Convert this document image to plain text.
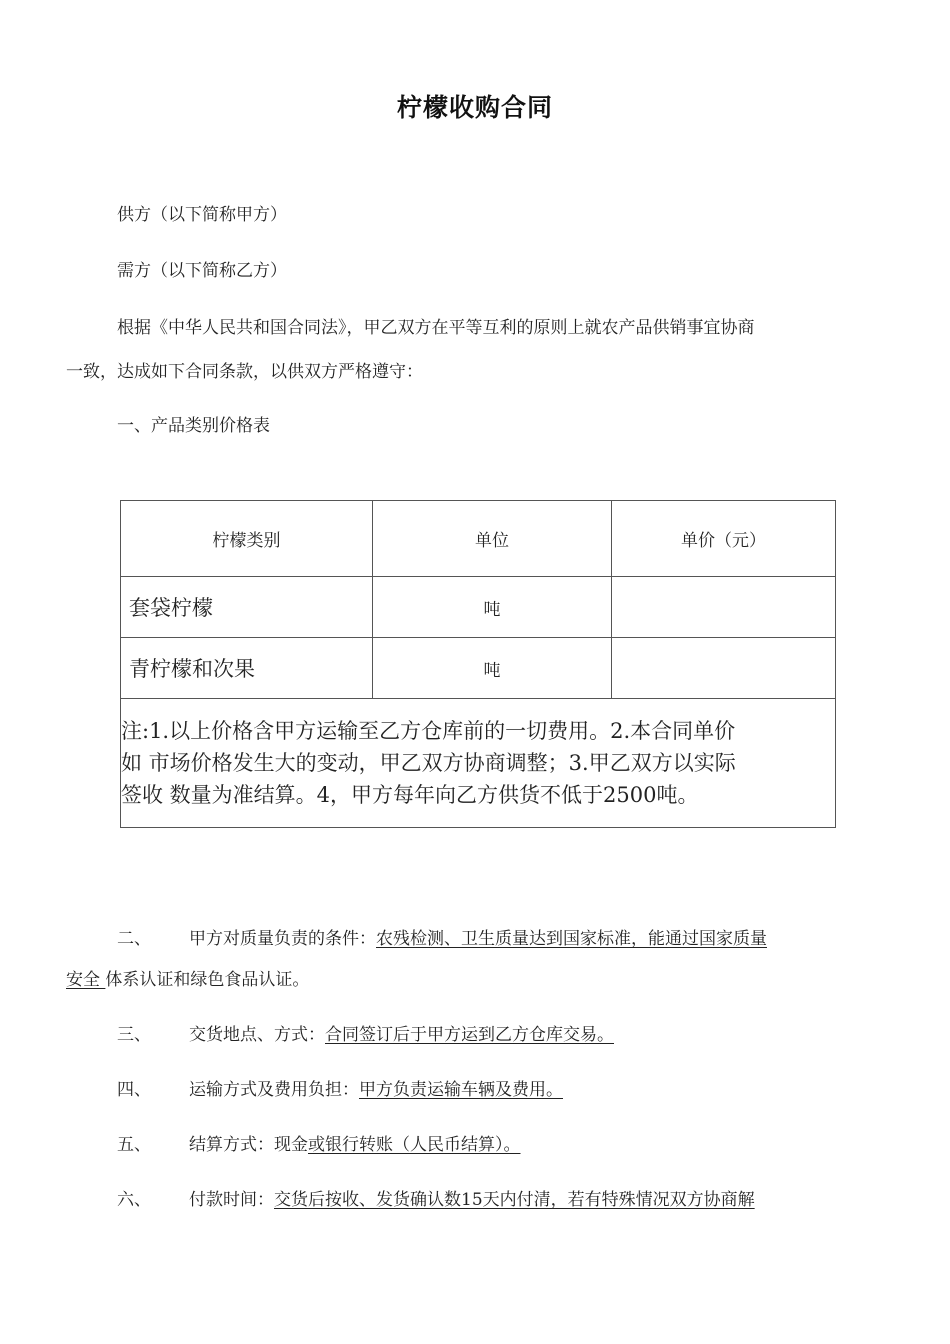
柠檬收购合同
供方（以下简称甲方）
需方（以下简称乙方）
根据《中华人民共和国合同法》，甲乙双方在平等互利的原则上就农产品供销事宜协商
一致，达成如下合同条款，以供双方严格遵守：
一、产品类别价格表
柠檬类别	单位	单价（元）
套袋柠檬	吨	
青柠檬和次果	吨	

注:1.以上价格含甲方运输至乙方仓库前的一切费用。2.本合同单价
如 市场价格发生大的变动，甲乙双方协商调整；3.甲乙双方以实际
签收 数量为准结算。4，甲方每年向乙方供货不低于2500吨。		
二、 甲方对质量负责的条件：农残检测、卫生质量达到国家标准，能通过国家质量
安全 体系认证和绿色食品认证。
三、 交货地点、方式：合同签订后于甲方运到乙方仓库交易。
四、 运输方式及费用负担：甲方负责运输车辆及费用。
五、 结算方式：现金或银行转账（人民币结算）。
六、 付款时间：交货后按收、发货确认数15天内付清，若有特殊情况双方协商解
